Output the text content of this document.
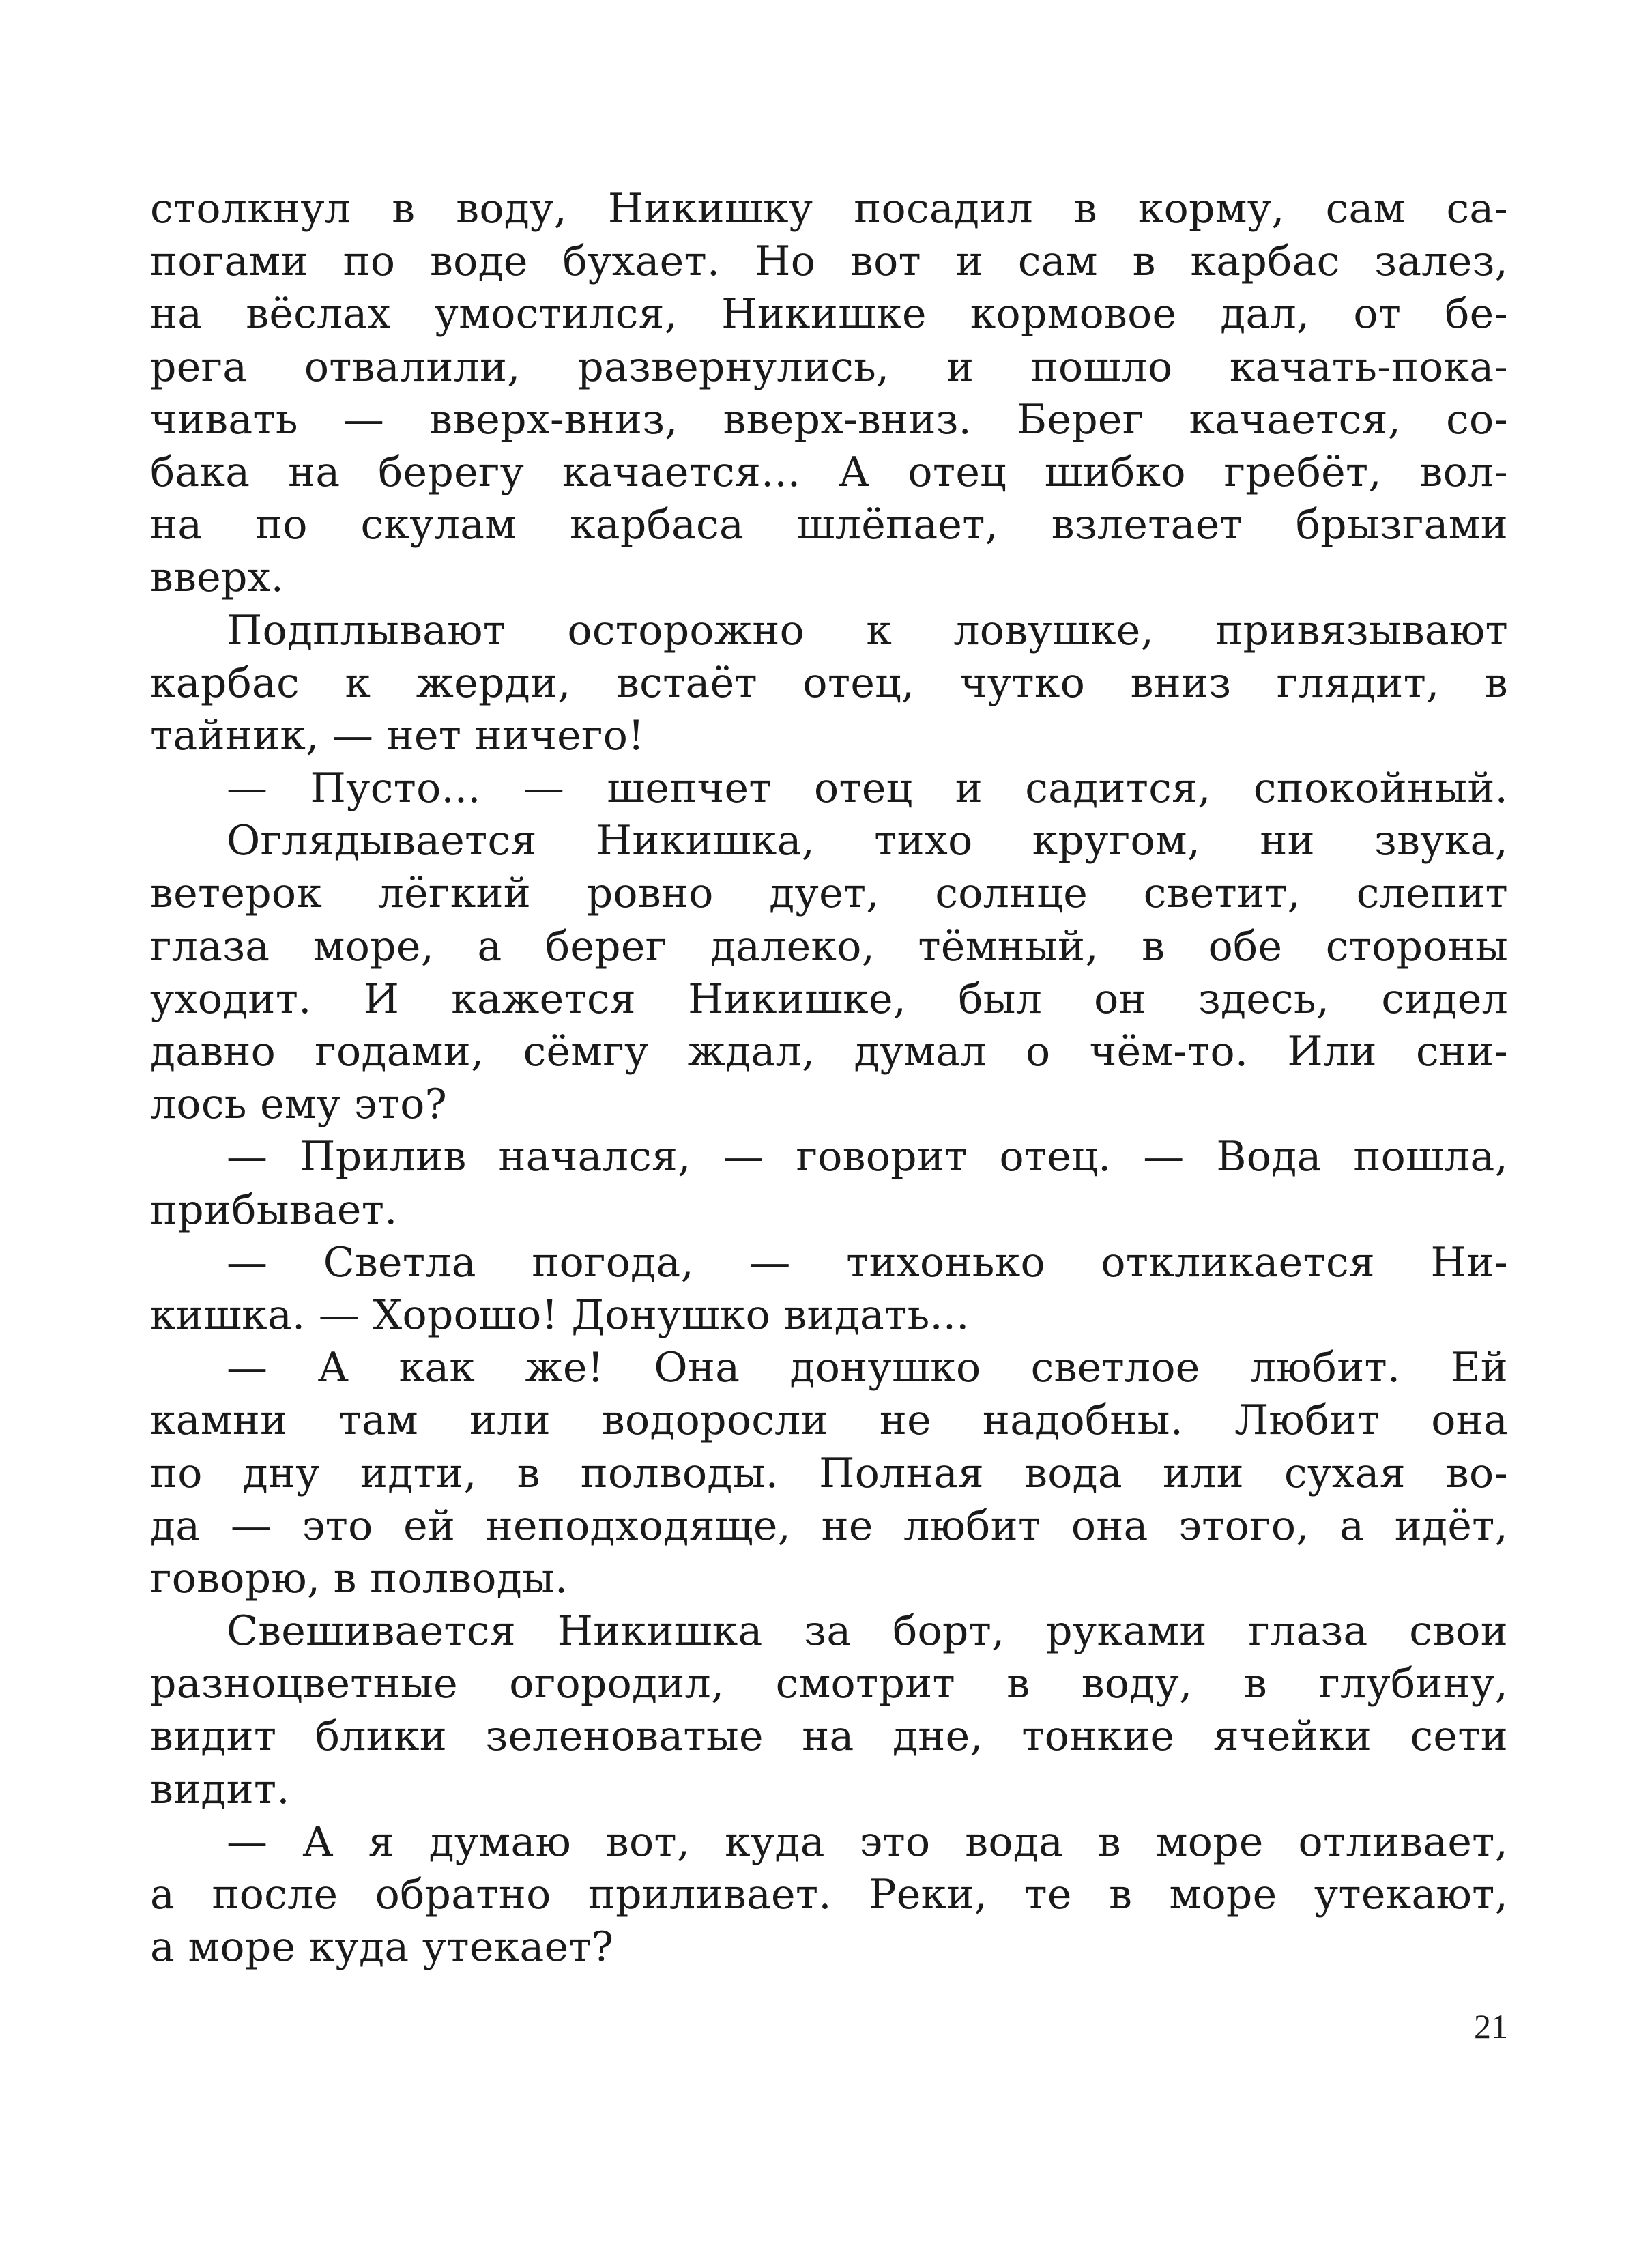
столкнул в воду, Никишку посадил в корму, сам са-
погами по воде бухает. Но вот и сам в карбас залез,
на вёслах умостился, Никишке кормовое дал, от бе-
рега отвалили, развернулись, и пошло качать-пока-
чивать — вверх-вниз, вверх-вниз. Берег качается, со-
бака на берегу качается... А отец шибко гребёт, вол-
на по скулам карбаса шлёпает, взлетает брызгами
вверх.
Подплывают осторожно к ловушке, привязывают
карбас к жерди, встаёт отец, чутко вниз глядит, в
тайник, — нет ничего!
— Пусто... — шепчет отец и садится, спокойный.
Оглядывается Никишка, тихо кругом, ни звука,
ветерок лёгкий ровно дует, солнце светит, слепит
глаза море, а берег далеко, тёмный, в обе стороны
уходит. И кажется Никишке, был он здесь, сидел
давно годами, сёмгу ждал, думал о чём-то. Или сни-
лось ему это?
— Прилив начался, — говорит отец. — Вода пошла,
прибывает.
— Светла погода, — тихонько откликается Ни-
кишка. — Хорошо! Донушко видать...
— А как же! Она донушко светлое любит. Ей
камни там или водоросли не надобны. Любит она
по дну идти, в полводы. Полная вода или сухая во-
да — это ей неподходяще, не любит она этого, а идёт,
говорю, в полводы.
Свешивается Никишка за борт, руками глаза свои
разноцветные огородил, смотрит в воду, в глубину,
видит блики зеленоватые на дне, тонкие ячейки сети
видит.
— А я думаю вот, куда это вода в море отливает,
а после обратно приливает. Реки, те в море утекают,
а море куда утекает?
21
